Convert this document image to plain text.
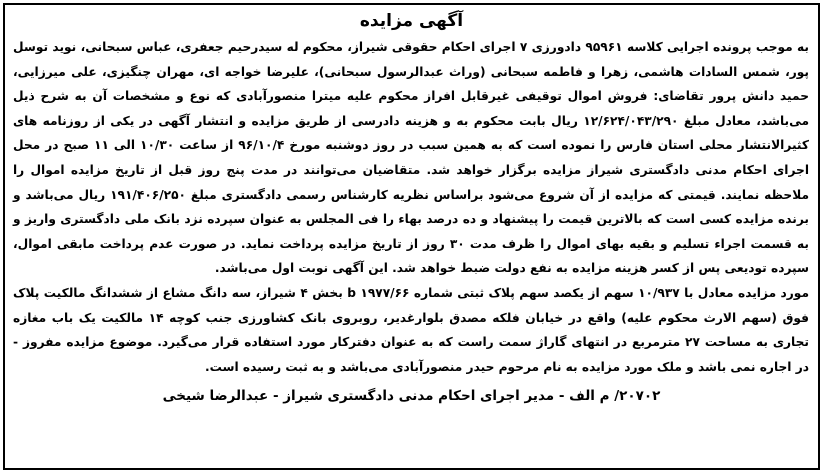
آگهی مزایده

به موجب پرونده اجرایی کلاسه ۹۵۹۶۱ دادورزی ۷ اجرای احکام حقوقی شیراز، محکوم له سیدرحیم جعفری، عباس سبحانی، نوید توسل پور، شمس السادات هاشمی، زهرا و فاطمه سبحانی (وراث عبدالرسول سبحانی)، علیرضا خواجه ای، مهران چنگیزی، علی میرزایی، حمید دانش پرور تقاضای: فروش اموال توقیفی غیرقابل افراز محکوم علیه میترا منصورآبادی که نوع و مشخصات آن به شرح ذیل می‌باشد، معادل مبلغ ۱۲/۶۲۴/۰۴۳/۲۹۰ ریال بابت محکوم به و هزینه دادرسی از طریق مزایده و انتشار آگهی در یکی از روزنامه های کثیرالانتشار محلی استان فارس را نموده است که به همین سبب در روز دوشنبه مورخ ۹۶/۱۰/۴ از ساعت ۱۰/۳۰ الی ۱۱ صبح در محل اجرای احکام مدنی دادگستری شیراز مزایده برگزار خواهد شد. متقاضیان می‌توانند در مدت پنج روز قبل از تاریخ مزایده اموال را ملاحظه نمایند. قیمتی که مزایده از آن شروع می‌شود براساس نظریه کارشناس رسمی دادگستری مبلغ ۱۹۱/۴۰۶/۲۵۰ ریال می‌باشد و برنده مزایده کسی است که بالاترین قیمت را پیشنهاد و ده درصد بهاء را فی المجلس به عنوان سپرده نزد بانک ملی دادگستری واریز و به قسمت اجراء تسلیم و بقیه بهای اموال را ظرف مدت ۳۰ روز از تاریخ مزایده پرداخت نماید. در صورت عدم پرداخت مابقی اموال، سپرده تودیعی پس از کسر هزینه مزایده به نفع دولت ضبط خواهد شد. این آگهی نوبت اول می‌باشد.

مورد مزایده معادل با ۱۰/۹۳۷ سهم از یکصد سهم پلاک ثبتی شماره b ۱۹۷۷/۶۶ بخش ۴ شیراز، سه دانگ مشاع از ششدانگ مالکیت پلاک فوق (سهم الارث محکوم علیه) واقع در خیابان فلکه مصدق بلوارغدیر، روبروی بانک کشاورزی جنب کوچه ۱۴ مالکیت یک باب مغازه تجاری به مساحت ۲۷ مترمربع در انتهای گاراژ سمت راست که به عنوان دفترکار مورد استفاده قرار می‌گیرد. موضوع مزایده مفروز - در اجاره نمی باشد و ملک مورد مزایده به نام مرحوم حیدر منصورآبادی می‌باشد و به ثبت رسیده است.

۲۰۷۰۲/ م الف - مدیر اجرای احکام مدنی دادگستری شیراز - عبدالرضا شیخی
